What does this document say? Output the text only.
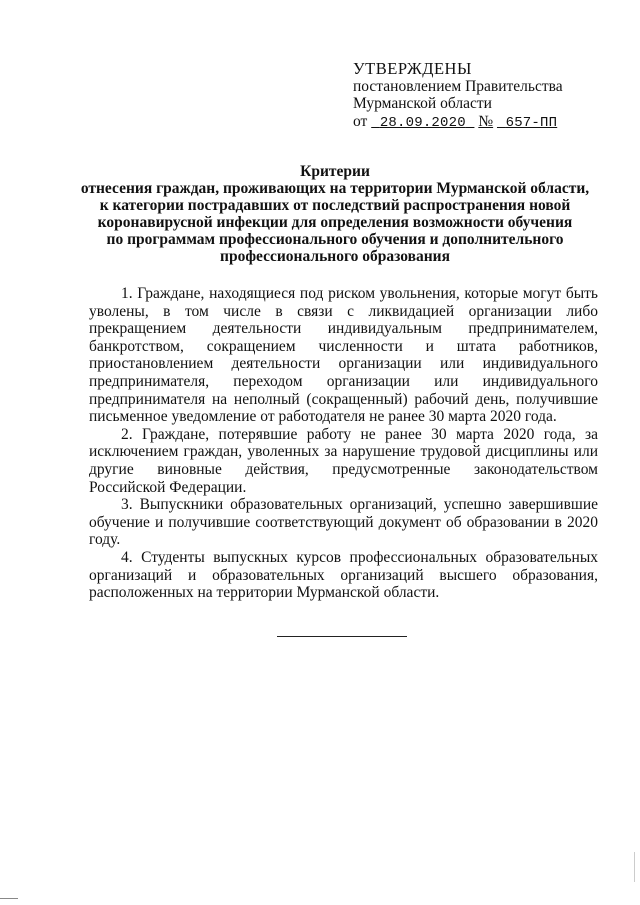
УТВЕРЖДЕНЫ
постановлением Правительства
Мурманской области
от 28.09.2020 № 657-ПП
Критерии
отнесения граждан, проживающих на территории Мурманской области,
к категории пострадавших от последствий распространения новой
коронавирусной инфекции для определения возможности обучения
по программам профессионального обучения и дополнительного
профессионального образования

1. Граждане, находящиеся под риском увольнения, которые могут быть уволены, в том числе в связи с ликвидацией организации либо прекращением деятельности индивидуальным предпринимателем, банкротством, сокращением численности и штата работников, приостановлением деятельности организации или индивидуального предпринимателя, переходом организации или индивидуального предпринимателя на неполный (сокращенный) рабочий день, получившие письменное уведомление от работодателя не ранее 30 марта 2020 года.

2. Граждане, потерявшие работу не ранее 30 марта 2020 года, за исключением граждан, уволенных за нарушение трудовой дисциплины или другие виновные действия, предусмотренные законодательством Российской Федерации.

3. Выпускники образовательных организаций, успешно завершившие обучение и получившие соответствующий документ об образовании в 2020 году.

4. Студенты выпускных курсов профессиональных образовательных организаций и образовательных организаций высшего образования, расположенных на территории Мурманской области.
